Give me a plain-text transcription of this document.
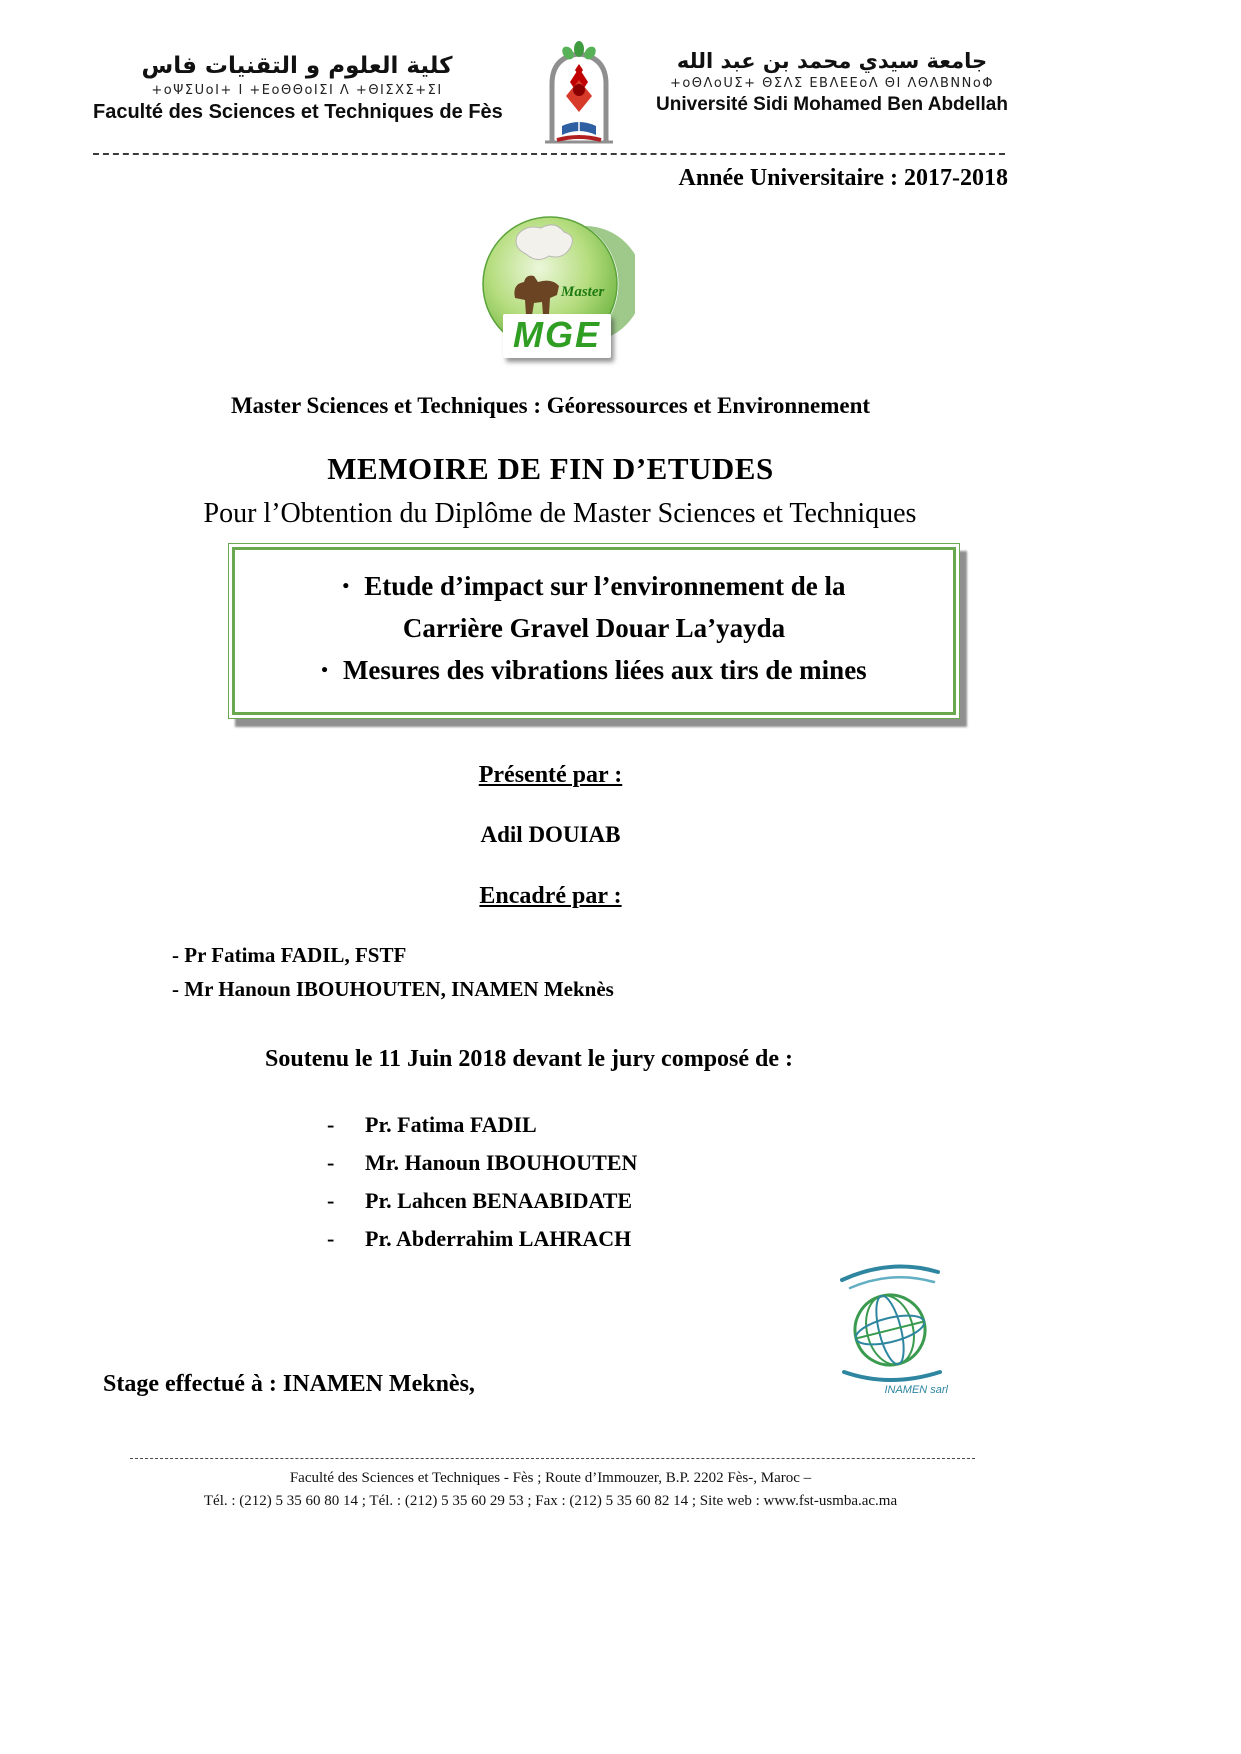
كلية العلوم و التقنيات فاس
+oΨΣUoI+ I +ΕoΘΘoIΣΙ Λ +ΘΙΣΧΣ+ΣΙ
Faculté des Sciences et Techniques de Fès
جامعة سيدي محمد بن عبد الله
+oΘΛoUΣ+ ΘΣΛΣ ΕΒΛΕΕoΛ ΘΙ ΛΘΛΒΝΝoΦ
Université Sidi Mohamed Ben Abdellah
Année Universitaire : 2017-2018
Master
MGE
Master Sciences et Techniques : Géoressources et Environnement
MEMOIRE DE FIN D’ETUDES
Pour l’Obtention du Diplôme de Master Sciences et Techniques
• Etude d’impact sur l’environnement de la
Carrière Gravel Douar La’yayda
• Mesures des vibrations liées aux tirs de mines
Présenté par :
Adil DOUIAB
Encadré par :
- Pr Fatima FADIL, FSTF
- Mr Hanoun IBOUHOUTEN, INAMEN Meknès
Soutenu le 11 Juin 2018 devant le jury composé de :
-	Pr. Fatima FADIL
-	Mr. Hanoun IBOUHOUTEN
-	Pr. Lahcen BENAABIDATE
-	Pr. Abderrahim LAHRACH
INAMEN sarl
Stage effectué à : INAMEN Meknès,
Faculté des Sciences et Techniques - Fès ; Route d’Immouzer, B.P. 2202 Fès-, Maroc –
Tél. : (212) 5 35 60 80 14 ; Tél. : (212) 5 35 60 29 53 ; Fax : (212) 5 35 60 82 14 ; Site web : www.fst-usmba.ac.ma
